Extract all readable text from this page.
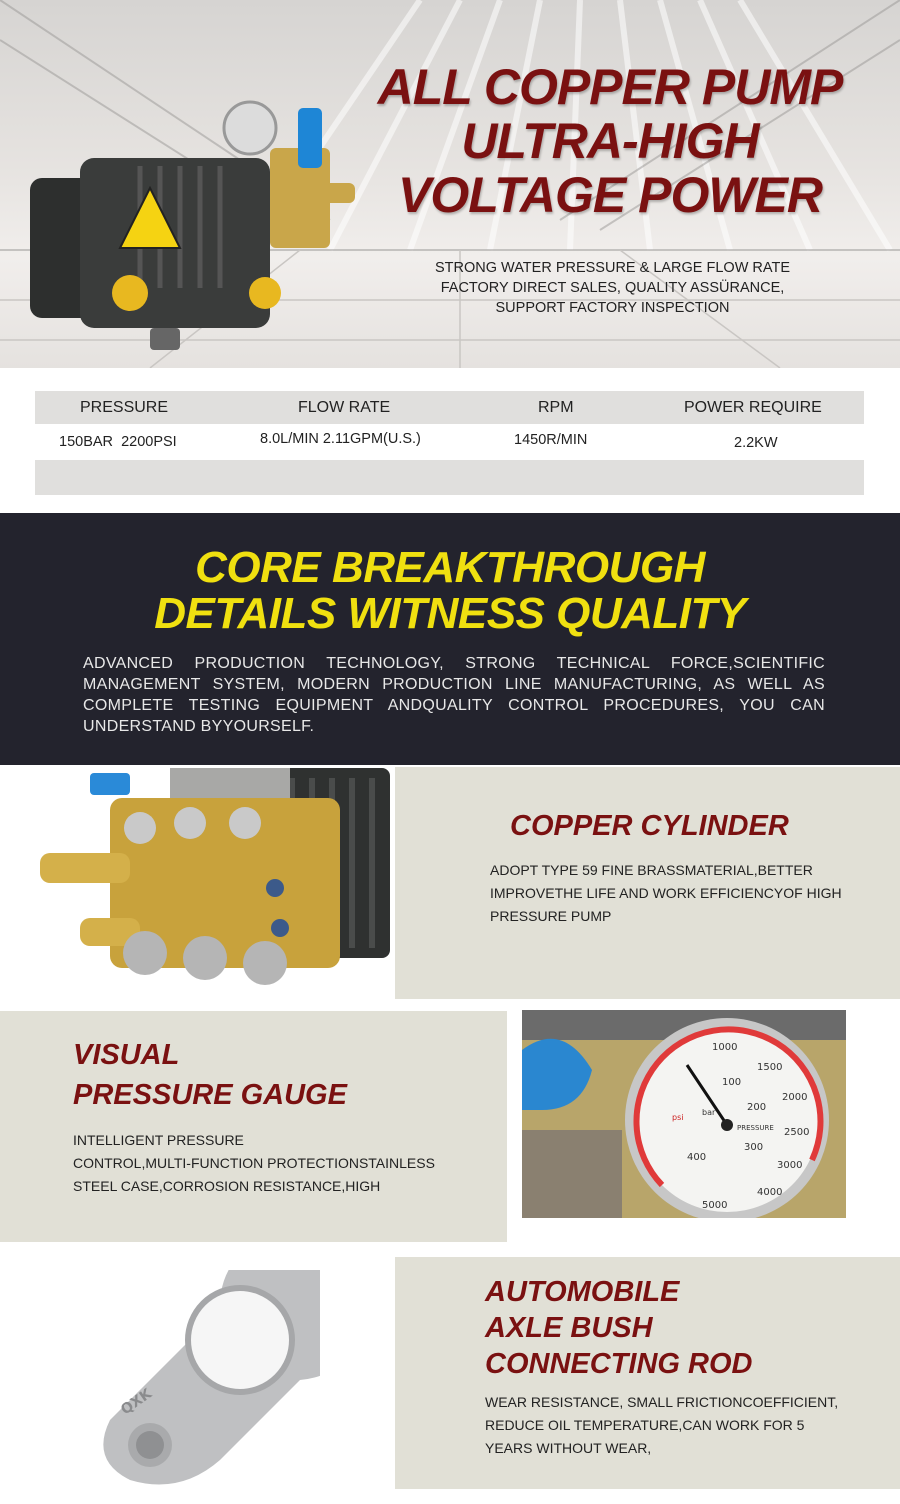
ALL COPPER PUMP
ULTRA-HIGH
VOLTAGE POWER
STRONG WATER PRESSURE & LARGE FLOW RATE
FACTORY DIRECT SALES, QUALITY ASSÜRANCE,
SUPPORT FACTORY INSPECTION
PRESSURE	FLOW RATE	RPM	POWER REQUIRE
150BAR  2200PSI	8.0L/MIN 2.11GPM(U.S.)	1450R/MIN	2.2KW
CORE BREAKTHROUGH
DETAILS WITNESS QUALITY

ADVANCED PRODUCTION TECHNOLOGY, STRONG TECHNICAL FORCE,SCIENTIFIC MANAGEMENT SYSTEM, MODERN PRODUCTION LINE MANUFACTURING, AS WELL AS COMPLETE TESTING EQUIPMENT ANDQUALITY CONTROL PROCEDURES, YOU CAN UNDERSTAND BYYOURSELF.

COPPER CYLINDER
ADOPT TYPE 59 FINE BRASSMATERIAL,BETTER
IMPROVETHE LIFE AND WORK EFFICIENCYOF HIGH
PRESSURE PUMP
VISUAL
PRESSURE GAUGE
INTELLIGENT PRESSURE
CONTROL,MULTI-FUNCTION PROTECTIONSTAINLESS
STEEL CASE,CORROSION RESISTANCE,HIGH
1000
1500
2000
2500
3000
4000
5000
100
200
300
400
PRESSURE
bar
psi
QXK
AUTOMOBILE
AXLE BUSH
CONNECTING ROD
WEAR RESISTANCE, SMALL FRICTIONCOEFFICIENT,
REDUCE OIL TEMPERATURE,CAN WORK FOR 5
YEARS WITHOUT WEAR,
